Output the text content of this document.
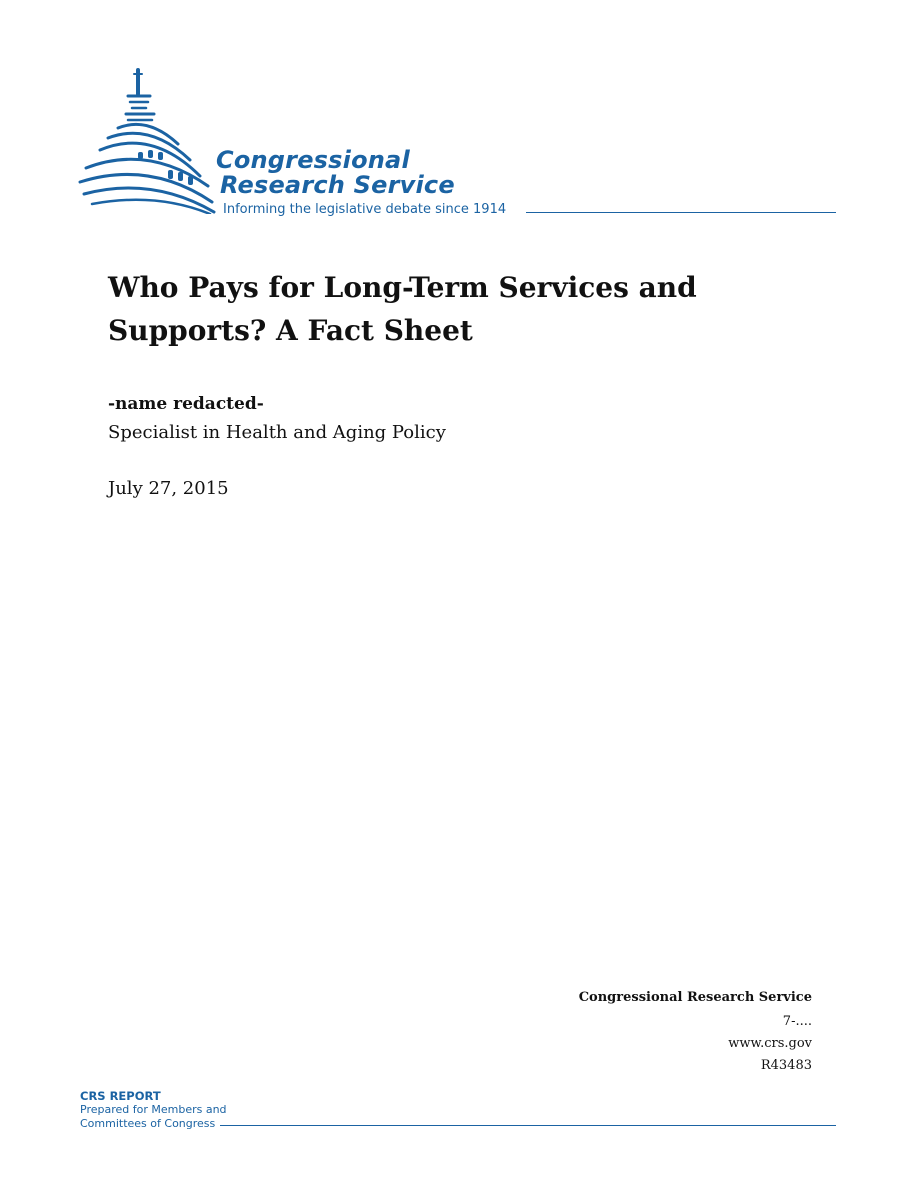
Congressional
Research Service
Informing the legislative debate since 1914
Who Pays for Long-Term Services and Supports? A Fact Sheet
-name redacted-
Specialist in Health and Aging Policy
July 27, 2015
Congressional Research Service
7-....
www.crs.gov
R43483
CRS REPORT
Prepared for Members and
Committees of Congress
